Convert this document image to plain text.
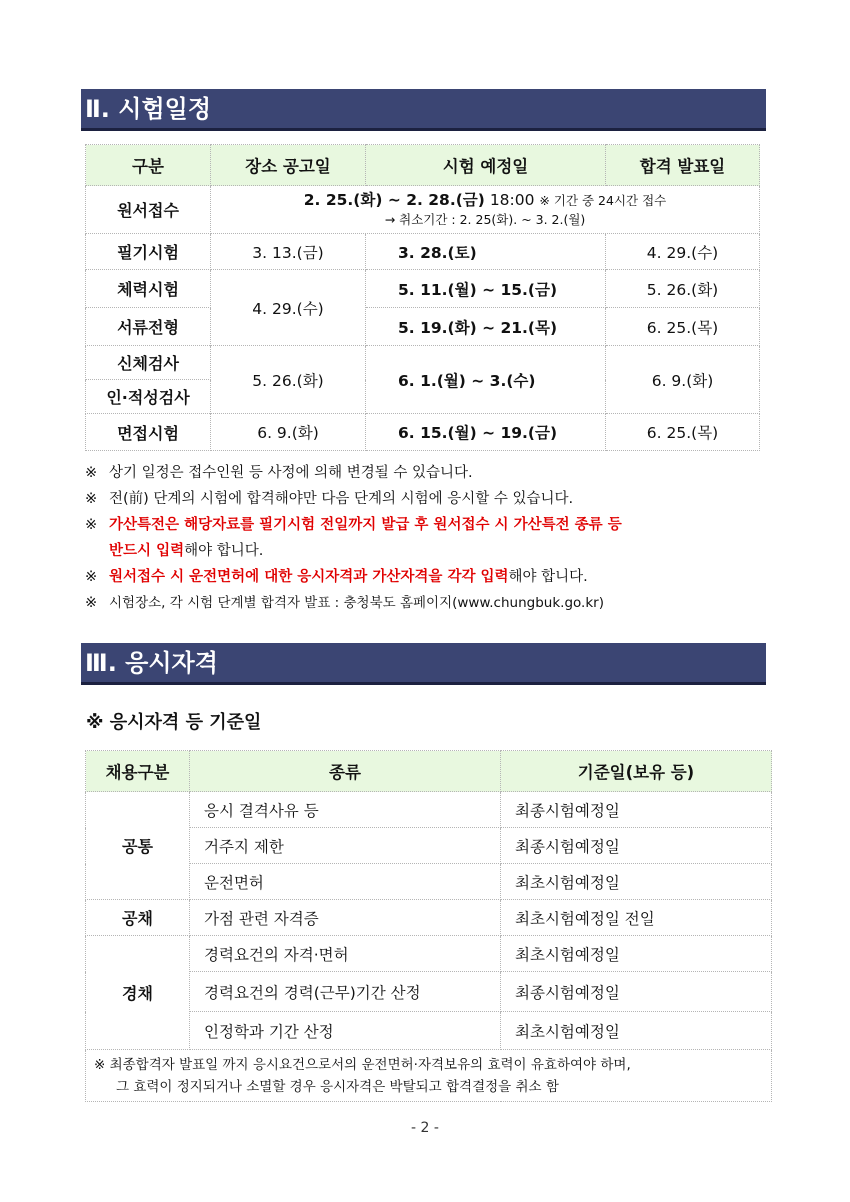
Ⅱ. 시험일정
구분	장소 공고일	시험 예정일	합격 발표일
원서접수	2. 25.(화) ~ 2. 28.(금) 18:00 ※ 기간 중 24시간 접수
→ 취소기간 : 2. 25(화). ~ 3. 2.(월)		

필기시험	3. 13.(금)	3. 28.(토)	4. 29.(수)
체력시험	4. 29.(수)	5. 11.(월) ~ 15.(금)	5. 26.(화)
서류전형		5. 19.(화) ~ 21.(목)	6. 25.(목)
신체검사	5. 26.(화)	6. 1.(월) ~ 3.(수)	6. 9.(화)
인·적성검사			
면접시험	6. 9.(화)	6. 15.(월) ~ 19.(금)	6. 25.(목)
※ 상기 일정은 접수인원 등 사정에 의해 변경될 수 있습니다.
※ 전(前) 단계의 시험에 합격해야만 다음 단계의 시험에 응시할 수 있습니다.
※ 가산특전은 해당자료를 필기시험 전일까지 발급 후 원서접수 시 가산특전 종류 등
반드시 입력 해야 합니다.
※ 원서접수 시 운전면허에 대한 응시자격과 가산자격을 각각 입력해야 합니다.
※ 시험장소, 각 시험 단계별 합격자 발표 : 충청북도 홈페이지(www.chungbuk.go.kr)
Ⅲ. 응시자격
※ 응시자격 등 기준일
채용구분	종류	기준일(보유 등)
공통	응시 결격사유 등	최종시험예정일
	거주지 제한	최종시험예정일
	운전면허	최초시험예정일
공채	가점 관련 자격증	최초시험예정일 전일
경채	경력요건의 자격·면허	최초시험예정일
	경력요건의 경력(근무)기간 산정	최종시험예정일
	인정학과 기간 산정	최초시험예정일

※ 최종합격자 발표일 까지 응시요건으로서의 운전면허·자격보유의 효력이 유효하여야 하며,
그 효력이 정지되거나 소멸할 경우 응시자격은 박탈되고 합격결정을 취소 함		
- 2 -
